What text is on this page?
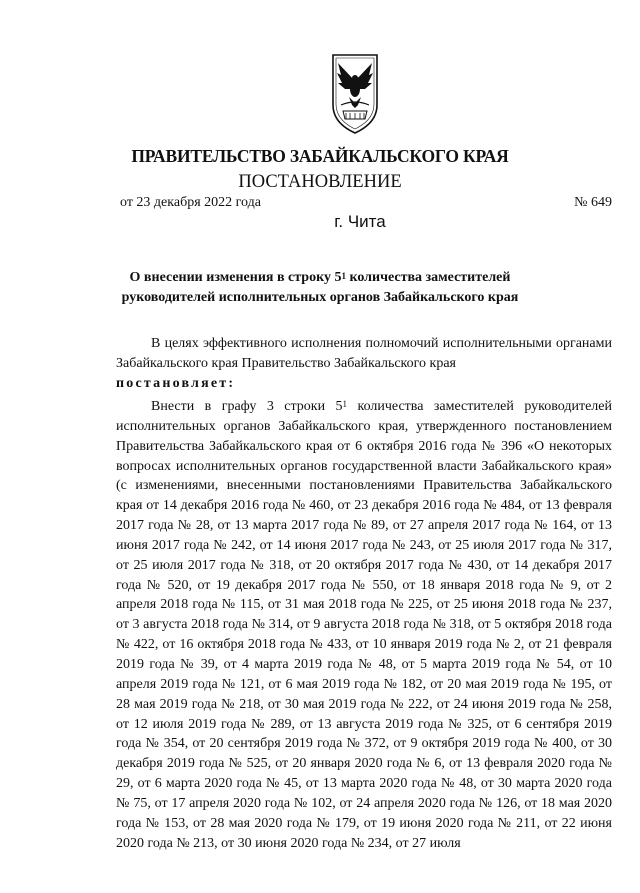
ПРАВИТЕЛЬСТВО ЗАБАЙКАЛЬСКОГО КРАЯ
ПОСТАНОВЛЕНИЕ
от 23 декабря 2022 года	№ 649
г. Чита
О внесении изменения в строку $5^1$ количества заместителей
руководителей исполнительных органов Забайкальского края
В целях эффективного исполнения полномочий исполнительными органами Забайкальского края Правительство Забайкальского края
постановляет:
Внести в графу 3 строки $5^1$ количества заместителей руководителей исполнительных органов Забайкальского края, утвержденного постановлением Правительства Забайкальского края от 6 октября 2016 года № 396 «О некоторых вопросах исполнительных органов государственной власти Забайкальского края» (с изменениями, внесенными постановлениями Правительства Забайкальского края от 14 декабря 2016 года № 460, от 23 декабря 2016 года № 484, от 13 февраля 2017 года № 28, от 13 марта 2017 года № 89, от 27 апреля 2017 года № 164, от 13 июня 2017 года № 242, от 14 июня 2017 года № 243, от 25 июля 2017 года № 317, от 25 июля 2017 года № 318, от 20 октября 2017 года № 430, от 14 декабря 2017 года № 520, от 19 декабря 2017 года № 550, от 18 января 2018 года № 9, от 2 апреля 2018 года № 115, от 31 мая 2018 года № 225, от 25 июня 2018 года № 237, от 3 августа 2018 года № 314, от 9 августа 2018 года № 318, от 5 октября 2018 года № 422, от 16 октября 2018 года № 433, от 10 января 2019 года № 2, от 21 февраля 2019 года № 39, от 4 марта 2019 года № 48, от 5 марта 2019 года № 54, от 10 апреля 2019 года № 121, от 6 мая 2019 года № 182, от 20 мая 2019 года № 195, от 28 мая 2019 года № 218, от 30 мая 2019 года № 222, от 24 июня 2019 года № 258, от 12 июля 2019 года № 289, от 13 августа 2019 года № 325, от 6 сентября 2019 года № 354, от 20 сентября 2019 года № 372, от 9 октября 2019 года № 400, от 30 декабря 2019 года № 525, от 20 января 2020 года № 6, от 13 февраля 2020 года № 29, от 6 марта 2020 года № 45, от 13 марта 2020 года № 48, от 30 марта 2020 года № 75, от 17 апреля 2020 года № 102, от 24 апреля 2020 года № 126, от 18 мая 2020 года № 153, от 28 мая 2020 года № 179, от 19 июня 2020 года № 211, от 22 июня 2020 года № 213, от 30 июня 2020 года № 234, от 27 июля
